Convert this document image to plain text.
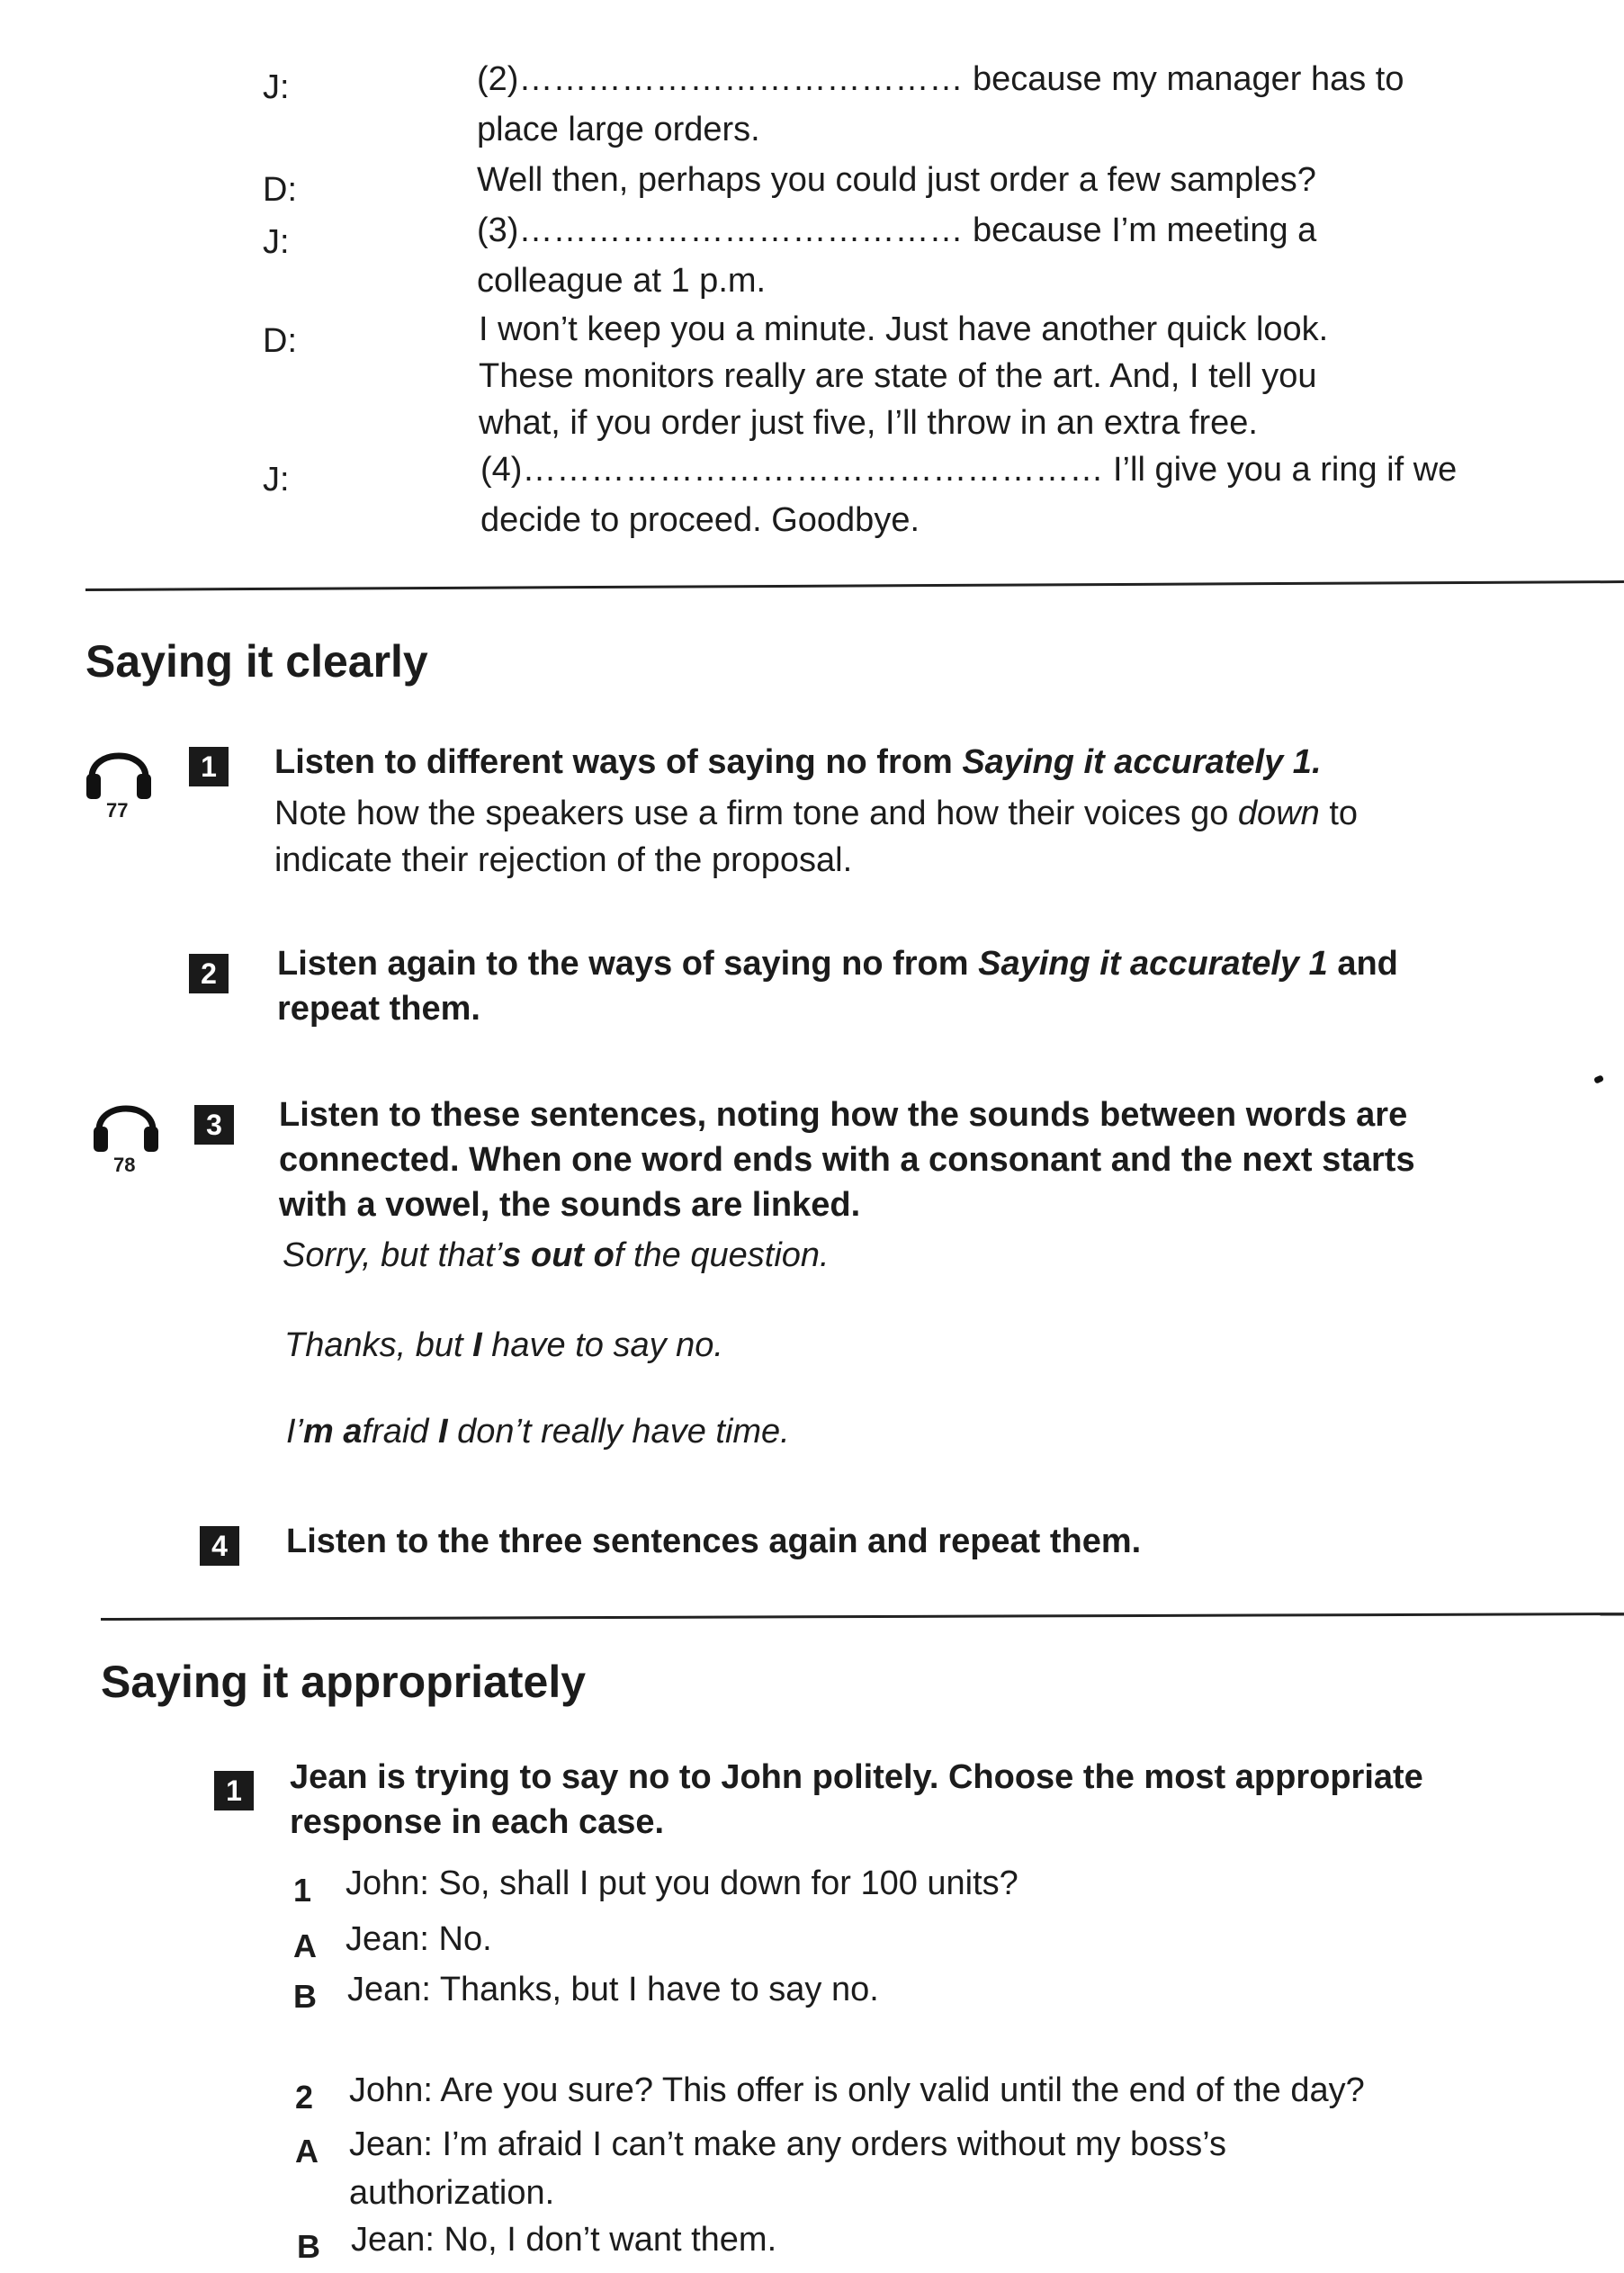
J:	(2)………………………………… because my manager has to
place large orders.
D:	Well then, perhaps you could just order a few samples?
J:	(3)………………………………… because I’m meeting a
colleague at 1 p.m.
D:	I won’t keep you a minute. Just have another quick look.
These monitors really are state of the art. And, I tell you
what, if you order just five, I’ll throw in an extra free.
J:	(4)…………………………………………… I’ll give you a ring if we
decide to proceed. Goodbye.
Saying it clearly
77
1	Listen to different ways of saying no from Saying it accurately 1.
Note how the speakers use a firm tone and how their voices go down to
indicate their rejection of the proposal.
2	Listen again to the ways of saying no from Saying it accurately 1 and
repeat them.
78
3	Listen to these sentences, noting how the sounds between words are
connected. When one word ends with a consonant and the next starts
with a vowel, the sounds are linked.
Sorry, but that’s out of the question.
Thanks, but I have to say no.
I’m afraid I don’t really have time.
4	Listen to the three sentences again and repeat them.
Saying it appropriately
1	Jean is trying to say no to John politely. Choose the most appropriate
response in each case.
1 John: So, shall I put you down for 100 units?
A Jean: No.
B Jean: Thanks, but I have to say no.
2 John: Are you sure? This offer is only valid until the end of the day?
A Jean: I’m afraid I can’t make any orders without my boss’s
authorization.
B Jean: No, I don’t want them.
